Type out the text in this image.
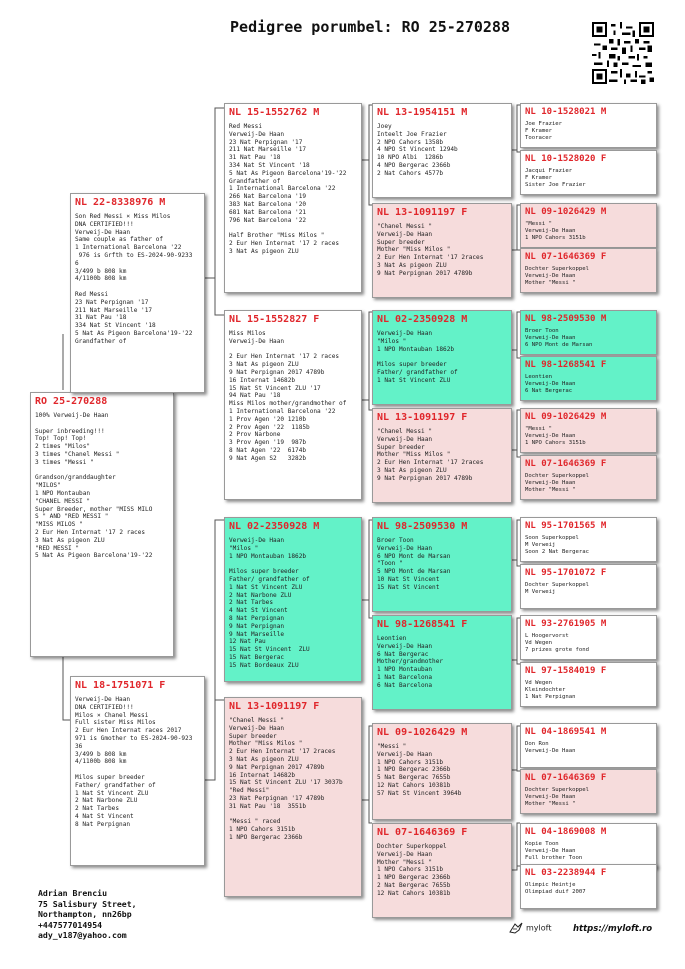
Pedigree porumbel: RO 25-270288
RO 25-270288
100% Verweij-De Haan

Super inbreeding!!!
Top! Top! Top!
2 times "Milos"
3 times "Chanel Messi "
3 times "Messi "

Grandson/granddaughter
"MILOS"
1 NPO Montauban
"CHANEL MESSI "
Super Breeder, mother "MISS MILO
S " AND "RED MESSI "
"MISS MILOS "
2 Eur Hen Internat '17 2 races
3 Nat As pigeon ZLU
"RED MESSI "
5 Nat As Pigeon Barcelona'19-'22
NL 22-8338976 M
Son Red Messi × Miss Milos
DNA CERTIFIED!!!
Verweij-De Haan
Same couple as father of
1 International Barcelona '22
976 is Grfth to ES-2024-90-9233
6
3/499 b 808 km
4/1100b 808 km

Red Messi
23 Nat Perpignan '17
211 Nat Marseille '17
31 Nat Pau '18
334 Nat St Vincent '18
5 Nat As Pigeon Barcelona'19-'22
Grandfather of
NL 18-1751071 F
Verweij-De Haan
DNA CERTIFIED!!!
Milos × Chanel Messi
Full sister Miss Milos
2 Eur Hen Internat races 2017
971 is Gmother to ES-2024-90-923
36
3/499 b 808 km
4/1100b 808 km

Milos super breeder
Father/ grandfather of
1 Nat St Vincent ZLU
2 Nat Narbone ZLU
2 Nat Tarbes
4 Nat St Vincent
8 Nat Perpignan
NL 15-1552762 M
Red Messi
Verweij-De Haan
23 Nat Perpignan '17
211 Nat Marseille '17
31 Nat Pau '18
334 Nat St Vincent '18
5 Nat As Pigeon Barcelona'19-'22
Grandfather of
1 International Barcelona '22
266 Nat Barcelona '19
383 Nat Barcelona '20
681 Nat Barcelona '21
796 Nat Barcelona '22

Half Brother "Miss Milos "
2 Eur Hen Internat '17 2 races
3 Nat As pigeon ZLU
NL 15-1552827 F
Miss Milos
Verweij-De Haan

2 Eur Hen Internat '17 2 races
3 Nat As pigeon ZLU
9 Nat Perpignan 2017 4789b
16 Internat 14682b
15 Nat St Vincent ZLU '17
94 Nat Pau '18
Miss Milos mother/grandmother of
1 International Barcelona '22
1 Prov Agen '20 1210b
2 Prov Agen '22  1185b
2 Prov Narbone
3 Prov Agen '19  987b
8 Nat Agen '22  6174b
9 Nat Agen S2   3282b
NL 02-2350928 M
Verweij-De Haan
"Milos "
1 NPO Montauban 1862b

Milos super breeder
Father/ grandfather of
1 Nat St Vincent ZLU
2 Nat Narbone ZLU
2 Nat Tarbes
4 Nat St Vincent
8 Nat Perpignan
9 Nat Perpignan
9 Nat Marseille
12 Nat Pau
15 Nat St Vincent  ZLU
15 Nat Bergerac
15 Nat Bordeaux ZLU
NL 13-1091197 F
"Chanel Messi "
Verweij-De Haan
Super breeder
Mother "Miss Milos "
2 Eur Hen Internat '17 2races
3 Nat As pigeon ZLU
9 Nat Perpignan 2017 4789b
16 Internat 14682b
15 Nat St Vincent ZLU '17 3037b
"Red Messi"
23 Nat Perpignan '17 4789b
31 Nat Pau '18  3551b

"Messi " raced
1 NPO Cahors 3151b
1 NPO Bergerac 2366b
NL 13-1954151 M
Joey
Inteelt Joe Frazier
2 NPO Cahors 1358b
4 NPO St Vincent 1294b
10 NPO Albi  1286b
4 NPO Bergerac 2366b
2 Nat Cahors 4577b
NL 13-1091197 F
"Chanel Messi "
Verweij-De Haan
Super breeder
Mother "Miss Milos "
2 Eur Hen Internat '17 2races
3 Nat As pigeon ZLU
9 Nat Perpignan 2017 4789b
NL 02-2350928 M
Verweij-De Haan
"Milos "
1 NPO Montauban 1862b

Milos super breeder
Father/ grandfather of
1 Nat St Vincent ZLU
NL 13-1091197 F
"Chanel Messi "
Verweij-De Haan
Super breeder
Mother "Miss Milos "
2 Eur Hen Internat '17 2races
3 Nat As pigeon ZLU
9 Nat Perpignan 2017 4789b
NL 98-2509530 M
Broer Toon
Verweij-De Haan
6 NPO Mont de Marsan
"Toon "
5 NPO Mont de Marsan
10 Nat St Vincent
15 Nat St Vincent
NL 98-1268541 F
Leontien
Verweij-De Haan
6 Nat Bergerac
Mother/grandmother
1 NPO Montauban
1 Nat Barcelona
6 Nat Barcelona
NL 09-1026429 M
"Messi "
Verweij-De Haan
1 NPO Cahors 3151b
1 NPO Bergerac 2366b
5 Nat Bergerac 7655b
12 Nat Cahors 10381b
57 Nat St Vincent 3964b
NL 07-1646369 F
Dochter Superkoppel
Verweij-De Haan
Mother "Messi "
1 NPO Cahors 3151b
1 NPO Bergerac 2366b
2 Nat Bergerac 7655b
12 Nat Cahors 10381b
NL 10-1528021 M
Joe Frazier
F Kramer
Tooracer
NL 10-1528020 F
Jacqui Frazier
F Kramer
Sister Joe Frazier
NL 09-1026429 M
"Messi "
Verweij-De Haan
1 NPO Cahors 3151b
NL 07-1646369 F
Dochter Superkoppel
Verweij-De Haan
Mother "Messi "
NL 98-2509530 M
Broer Toon
Verweij-De Haan
6 NPO Mont de Marsan
NL 98-1268541 F
Leontien
Verweij-De Haan
6 Nat Bergerac
NL 09-1026429 M
"Messi "
Verweij-De Haan
1 NPO Cahors 3151b
NL 07-1646369 F
Dochter Superkoppel
Verweij-De Haan
Mother "Messi "
NL 95-1701565 M
Soon Superkoppel
M Verweij
Soon 2 Nat Bergerac
NL 95-1701072 F
Dochter Superkoppel
M Verweij
NL 93-2761905 M
L Hoogervorst
Vd Wegen
7 prizes grote fond
NL 97-1584019 F
Vd Wegen
Kleindochter
1 Nat Perpignan
NL 04-1869541 M
Don Ron
Verweij-De Haan
NL 07-1646369 F
Dochter Superkoppel
Verweij-De Haan
Mother "Messi "
NL 04-1869008 M
Kopie Toon
Verweij-De Haan
Full brother Toon
NL 03-2238944 F
Olimpic Heintje
Olimpiad duif 2007
Adrian Brenciu
75 Salisbury Street,
Northampton, nn26bp
+447577014954
ady_v187@yahoo.com
myloft	https://myloft.ro
